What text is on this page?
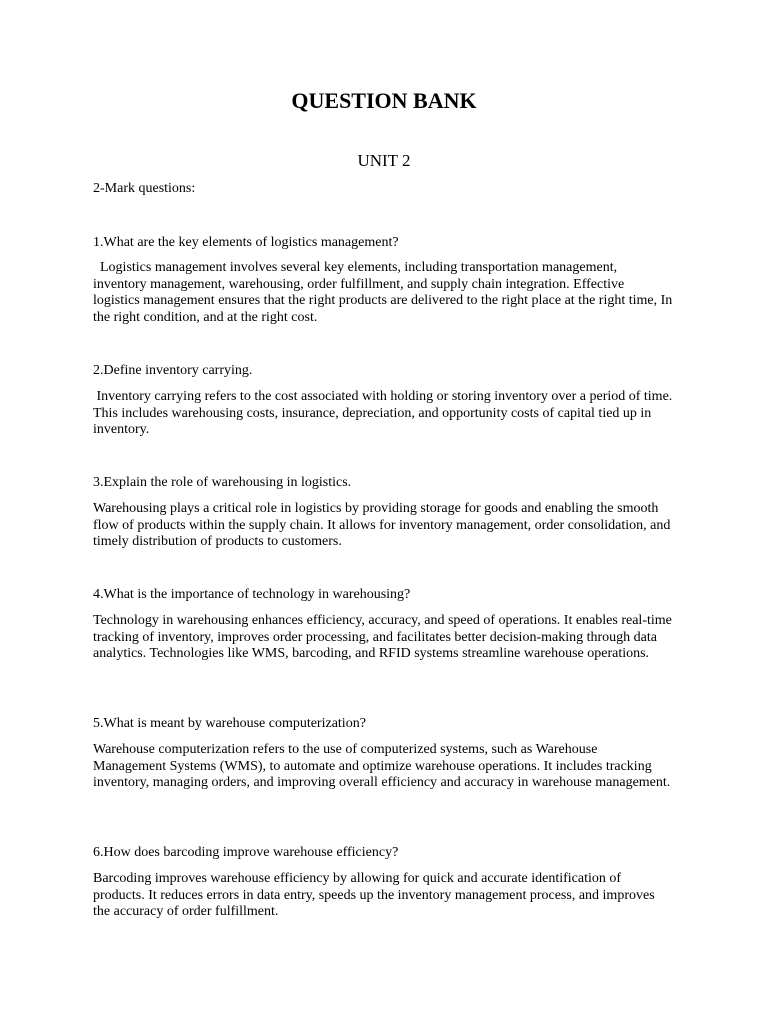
QUESTION BANK
UNIT 2
2-Mark questions:
1.What are the key elements of logistics management?
Logistics management involves several key elements, including transportation management, inventory management, warehousing, order fulfillment, and supply chain integration. Effective logistics management ensures that the right products are delivered to the right place at the right time, In the right condition, and at the right cost.
2.Define inventory carrying.
Inventory carrying refers to the cost associated with holding or storing inventory over a period of time. This includes warehousing costs, insurance, depreciation, and opportunity costs of capital tied up in inventory.
3.Explain the role of warehousing in logistics.
Warehousing plays a critical role in logistics by providing storage for goods and enabling the smooth flow of products within the supply chain. It allows for inventory management, order consolidation, and timely distribution of products to customers.
4.What is the importance of technology in warehousing?
Technology in warehousing enhances efficiency, accuracy, and speed of operations. It enables real-time tracking of inventory, improves order processing, and facilitates better decision-making through data analytics. Technologies like WMS, barcoding, and RFID systems streamline warehouse operations.
5.What is meant by warehouse computerization?
Warehouse computerization refers to the use of computerized systems, such as Warehouse Management Systems (WMS), to automate and optimize warehouse operations. It includes tracking inventory, managing orders, and improving overall efficiency and accuracy in warehouse management.
6.How does barcoding improve warehouse efficiency?
Barcoding improves warehouse efficiency by allowing for quick and accurate identification of products. It reduces errors in data entry, speeds up the inventory management process, and improves the accuracy of order fulfillment.
